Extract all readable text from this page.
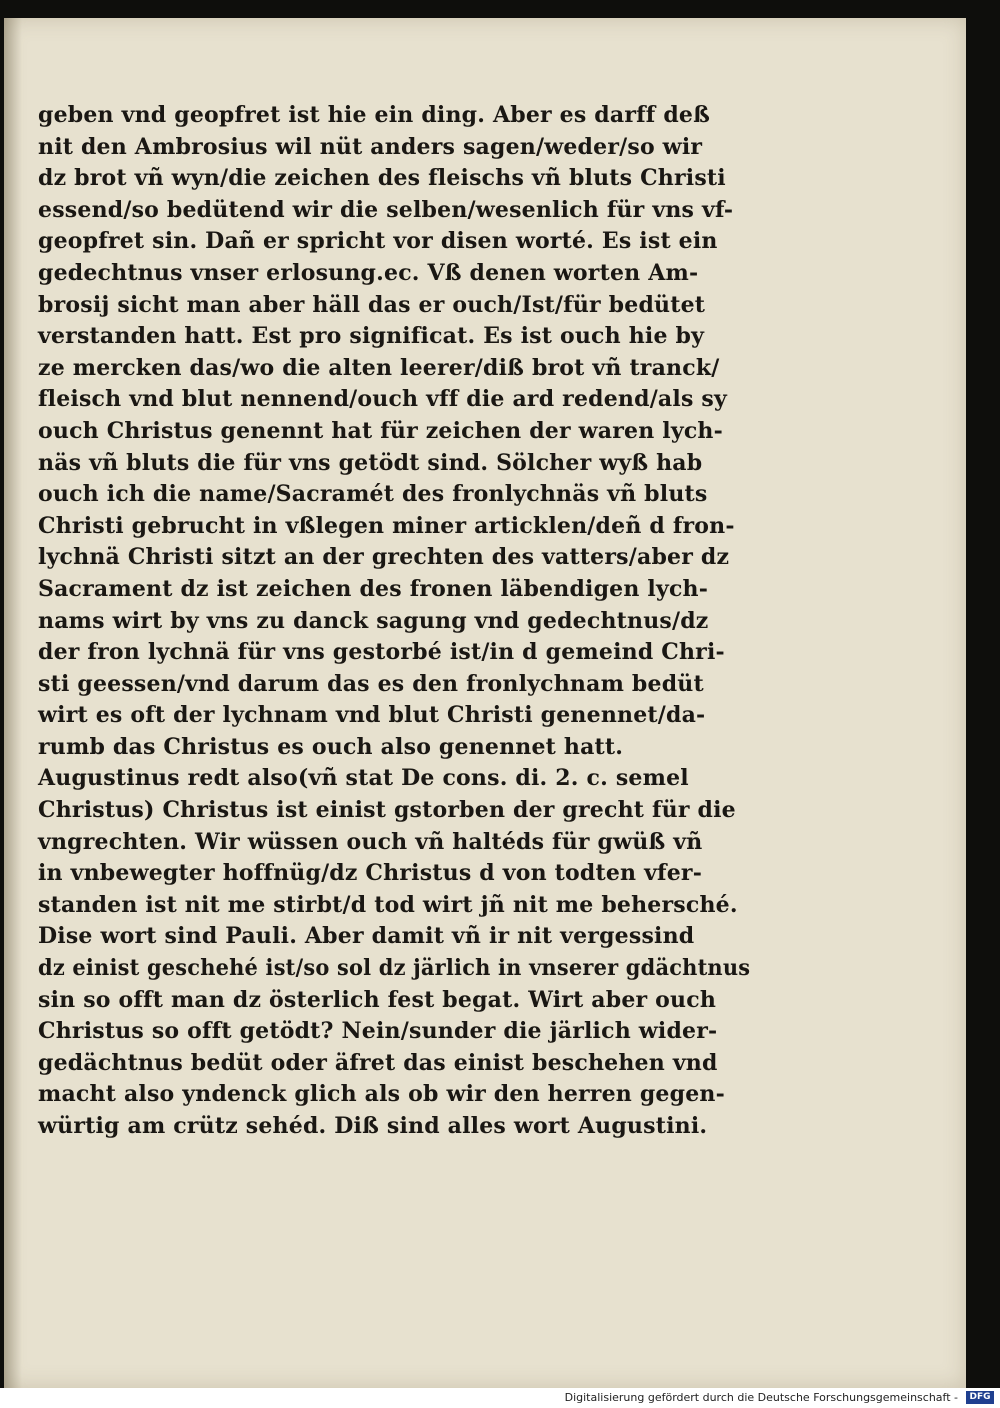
geben vnd geopfret ist hie ein ding. Aber es darff deß
nit den Ambrosius wil nüt anders sagen/weder/so wir
dz brot vñ wyn/die zeichen des fleischs vñ bluts Christi
essend/so bedütend wir die selben/wesenlich für vns vf-
geopfret sin. Dañ er spricht vor disen worté. Es ist ein
gedechtnus vnser erlosung.ec. Vß denen worten Am-
brosij sicht man aber häll das er ouch/Ist/für bedütet
verstanden hatt. Est pro significat. Es ist ouch hie by
ze mercken das/wo die alten leerer/diß brot vñ tranck/
fleisch vnd blut nennend/ouch vff die ard redend/als sy
ouch Christus genennt hat für zeichen der waren lych-
näs vñ bluts die für vns getödt sind. Sölcher wyß hab
ouch ich die name/Sacramét des fronlychnäs vñ bluts
Christi gebrucht in vßlegen miner articklen/deñ d fron-
lychnä Christi sitzt an der grechten des vatters/aber dz
Sacrament dz ist zeichen des fronen läbendigen lych-
nams wirt by vns zu danck sagung vnd gedechtnus/dz
der fron lychnä für vns gestorbé ist/in d gemeind Chri-
sti geessen/vnd darum das es den fronlychnam bedüt
wirt es oft der lychnam vnd blut Christi genennet/da-
rumb das Christus es ouch also genennet hatt.
Augustinus redt also(vñ stat De cons. di. 2. c. semel
Christus) Christus ist einist gstorben der grecht für die
vngrechten. Wir wüssen ouch vñ haltéds für gwüß vñ
in vnbewegter hoffnüg/dz Christus d von todten vfer-
standen ist nit me stirbt/d tod wirt jñ nit me behersché.
Dise wort sind Pauli. Aber damit vñ ir nit vergessind
dz einist geschehé ist/so sol dz järlich in vnserer gdächtnus
sin so offt man dz österlich fest begat. Wirt aber ouch
Christus so offt getödt? Nein/sunder die järlich wider-
gedächtnus bedüt oder äfret das einist beschehen vnd
macht also yndenck glich als ob wir den herren gegen-
würtig am crütz sehéd. Diß sind alles wort Augustini.
Digitalisierung gefördert durch die Deutsche Forschungsgemeinschaft -	DFG
